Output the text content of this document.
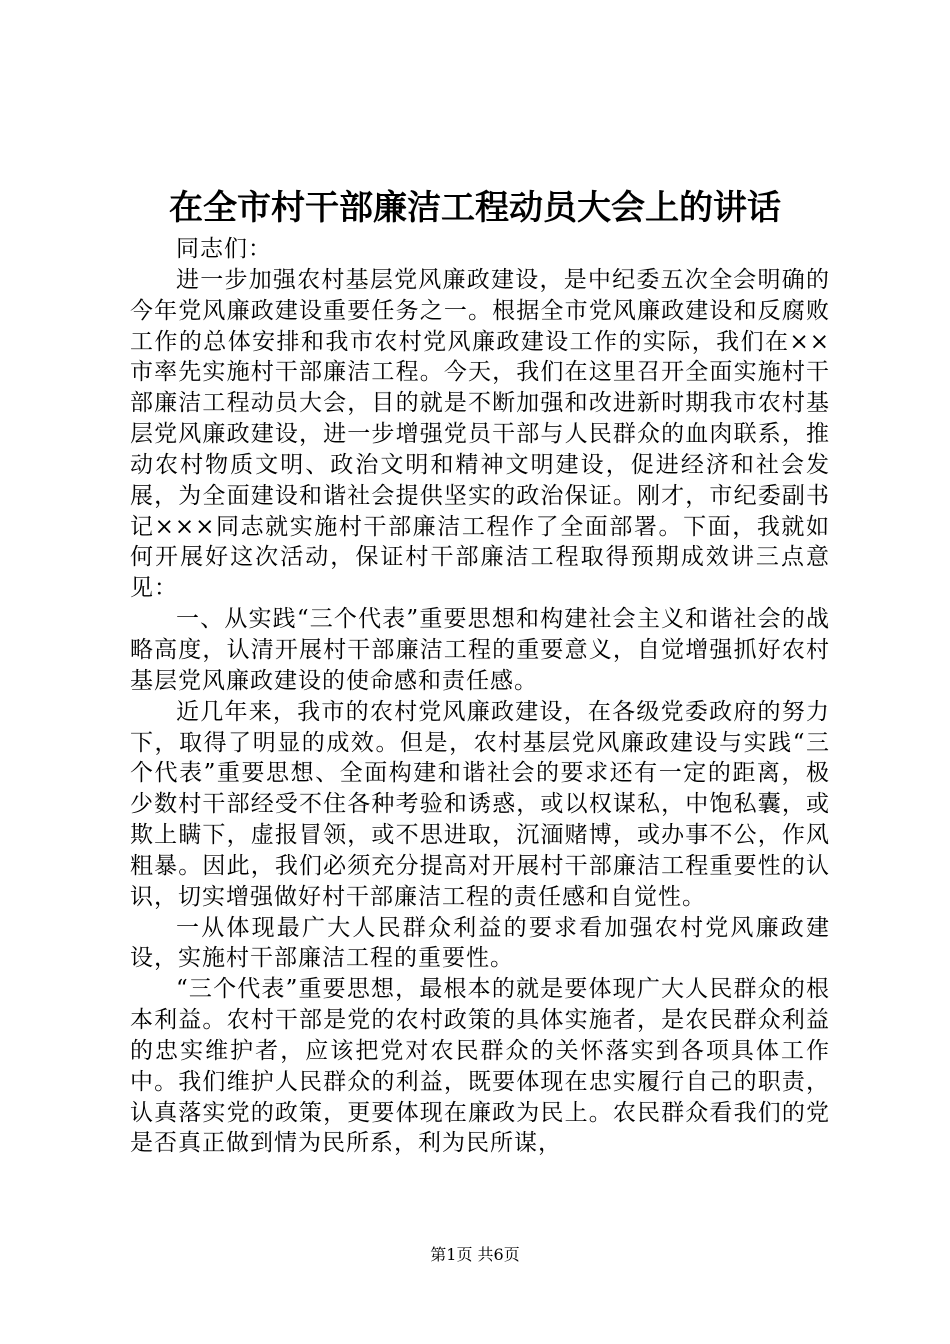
在全市村干部廉洁工程动员大会上的讲话

同志们：

进一步加强农村基层党风廉政建设，是中纪委五次全会明确的今年党风廉政建设重要任务之一。根据全市党风廉政建设和反腐败工作的总体安排和我市农村党风廉政建设工作的实际，我们在××市率先实施村干部廉洁工程。今天，我们在这里召开全面实施村干部廉洁工程动员大会，目的就是不断加强和改进新时期我市农村基层党风廉政建设，进一步增强党员干部与人民群众的血肉联系，推动农村物质文明、政治文明和精神文明建设，促进经济和社会发展，为全面建设和谐社会提供坚实的政治保证。刚才，市纪委副书记×××同志就实施村干部廉洁工程作了全面部署。下面，我就如何开展好这次活动，保证村干部廉洁工程取得预期成效讲三点意见：

一、从实践“三个代表”重要思想和构建社会主义和谐社会的战略高度，认清开展村干部廉洁工程的重要意义，自觉增强抓好农村基层党风廉政建设的使命感和责任感。

近几年来，我市的农村党风廉政建设，在各级党委政府的努力下，取得了明显的成效。但是，农村基层党风廉政建设与实践“三个代表”重要思想、全面构建和谐社会的要求还有一定的距离，极少数村干部经受不住各种考验和诱惑，或以权谋私，中饱私囊，或欺上瞒下，虚报冒领，或不思进取，沉湎赌博，或办事不公，作风粗暴。因此，我们必须充分提高对开展村干部廉洁工程重要性的认识，切实增强做好村干部廉洁工程的责任感和自觉性。

一从体现最广大人民群众利益的要求看加强农村党风廉政建设，实施村干部廉洁工程的重要性。

“三个代表”重要思想，最根本的就是要体现广大人民群众的根本利益。农村干部是党的农村政策的具体实施者，是农民群众利益的忠实维护者，应该把党对农民群众的关怀落实到各项具体工作中。我们维护人民群众的利益，既要体现在忠实履行自己的职责，认真落实党的政策，更要体现在廉政为民上。农民群众看我们的党是否真正做到情为民所系，利为民所谋，

第1页 共6页
